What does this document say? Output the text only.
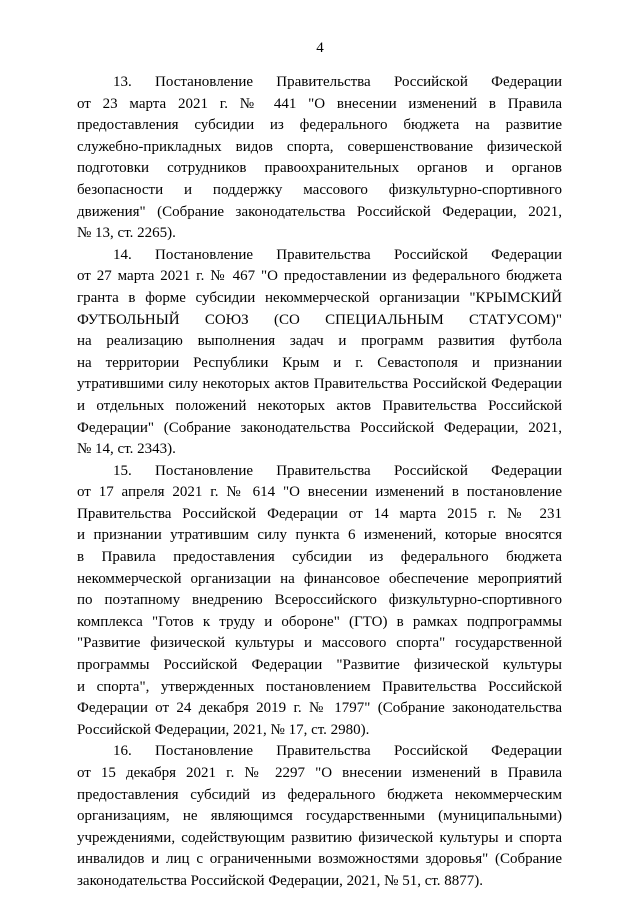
4
13. Постановление Правительства Российской Федерации
от 23 марта 2021 г. № 441 "О внесении изменений в Правила
предоставления субсидии из федерального бюджета на развитие
служебно-прикладных видов спорта, совершенствование физической
подготовки сотрудников правоохранительных органов и органов
безопасности и поддержку массового физкультурно-спортивного
движения" (Собрание законодательства Российской Федерации, 2021,
№ 13, ст. 2265).
14. Постановление Правительства Российской Федерации
от 27 марта 2021 г. № 467 "О предоставлении из федерального бюджета
гранта в форме субсидии некоммерческой организации "КРЫМСКИЙ
ФУТБОЛЬНЫЙ СОЮЗ (СО СПЕЦИАЛЬНЫМ СТАТУСОМ)"
на реализацию выполнения задач и программ развития футбола
на территории Республики Крым и г. Севастополя и признании
утратившими силу некоторых актов Правительства Российской Федерации
и отдельных положений некоторых актов Правительства Российской
Федерации" (Собрание законодательства Российской Федерации, 2021,
№ 14, ст. 2343).
15. Постановление Правительства Российской Федерации
от 17 апреля 2021 г. № 614 "О внесении изменений в постановление
Правительства Российской Федерации от 14 марта 2015 г. № 231
и признании утратившим силу пункта 6 изменений, которые вносятся
в Правила предоставления субсидии из федерального бюджета
некоммерческой организации на финансовое обеспечение мероприятий
по поэтапному внедрению Всероссийского физкультурно-спортивного
комплекса "Готов к труду и обороне" (ГТО) в рамках подпрограммы
"Развитие физической культуры и массового спорта" государственной
программы Российской Федерации "Развитие физической культуры
и спорта", утвержденных постановлением Правительства Российской
Федерации от 24 декабря 2019 г. № 1797" (Собрание законодательства
Российской Федерации, 2021, № 17, ст. 2980).
16. Постановление Правительства Российской Федерации
от 15 декабря 2021 г. № 2297 "О внесении изменений в Правила
предоставления субсидий из федерального бюджета некоммерческим
организациям, не являющимся государственными (муниципальными)
учреждениями, содействующим развитию физической культуры и спорта
инвалидов и лиц с ограниченными возможностями здоровья" (Собрание
законодательства Российской Федерации, 2021, № 51, ст. 8877).
